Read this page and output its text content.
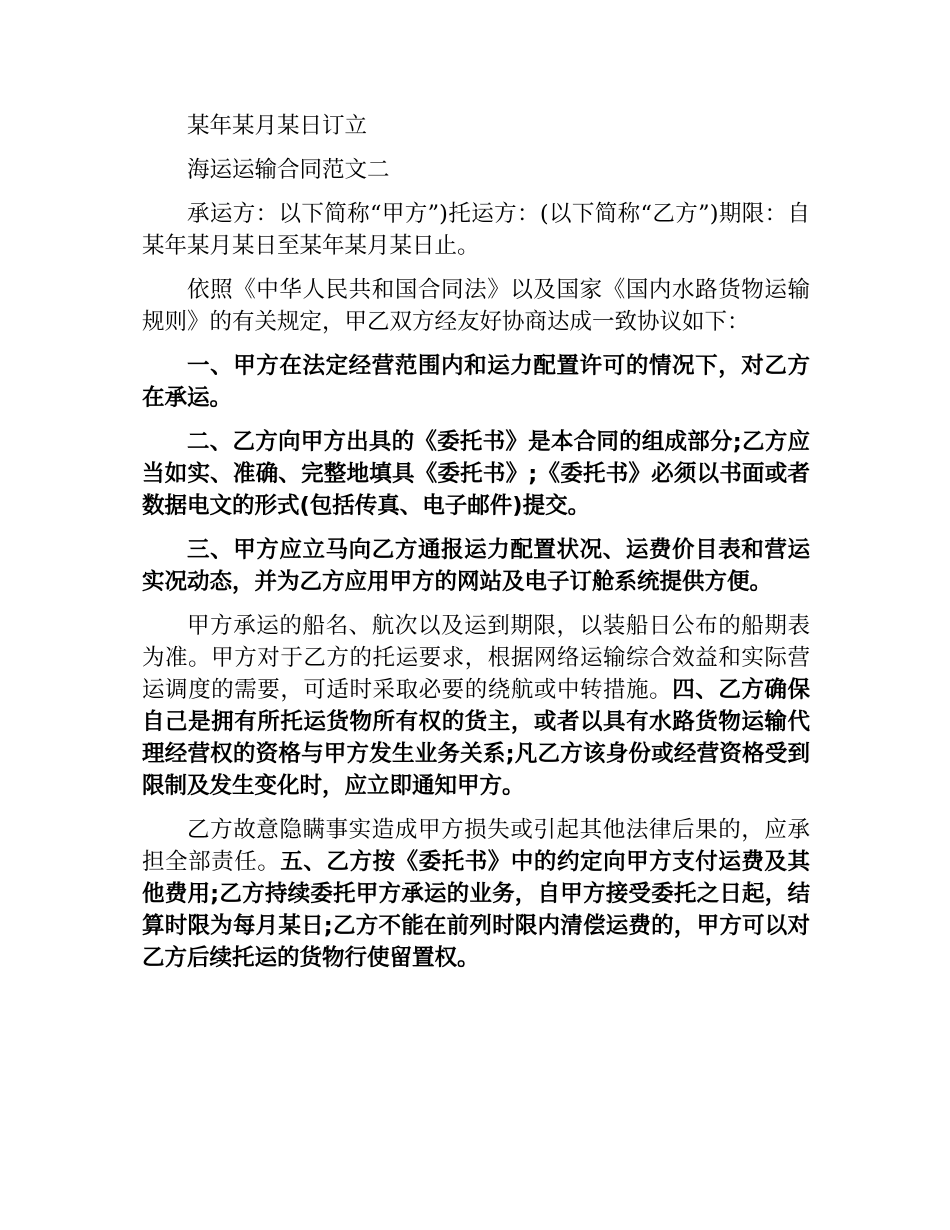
某年某月某日订立

海运运输合同范文二

承运方：以下简称“甲方”)托运方：(以下简称“乙方”)期限：自某年某月某日至某年某月某日止。

依照《中华人民共和国合同法》以及国家《国内水路货物运输规则》的有关规定，甲乙双方经友好协商达成一致协议如下：

一、甲方在法定经营范围内和运力配置许可的情况下，对乙方在承运。

二、乙方向甲方出具的《委托书》是本合同的组成部分;乙方应当如实、准确、完整地填具《委托书》;《委托书》必须以书面或者数据电文的形式(包括传真、电子邮件)提交。

三、甲方应立马向乙方通报运力配置状况、运费价目表和营运实况动态，并为乙方应用甲方的网站及电子订舱系统提供方便。

甲方承运的船名、航次以及运到期限，以装船日公布的船期表为准。甲方对于乙方的托运要求，根据网络运输综合效益和实际营运调度的需要，可适时采取必要的绕航或中转措施。四、乙方确保自己是拥有所托运货物所有权的货主，或者以具有水路货物运输代理经营权的资格与甲方发生业务关系;凡乙方该身份或经营资格受到限制及发生变化时，应立即通知甲方。

乙方故意隐瞒事实造成甲方损失或引起其他法律后果的，应承担全部责任。五、乙方按《委托书》中的约定向甲方支付运费及其他费用;乙方持续委托甲方承运的业务，自甲方接受委托之日起，结算时限为每月某日;乙方不能在前列时限内清偿运费的，甲方可以对乙方后续托运的货物行使留置权。
